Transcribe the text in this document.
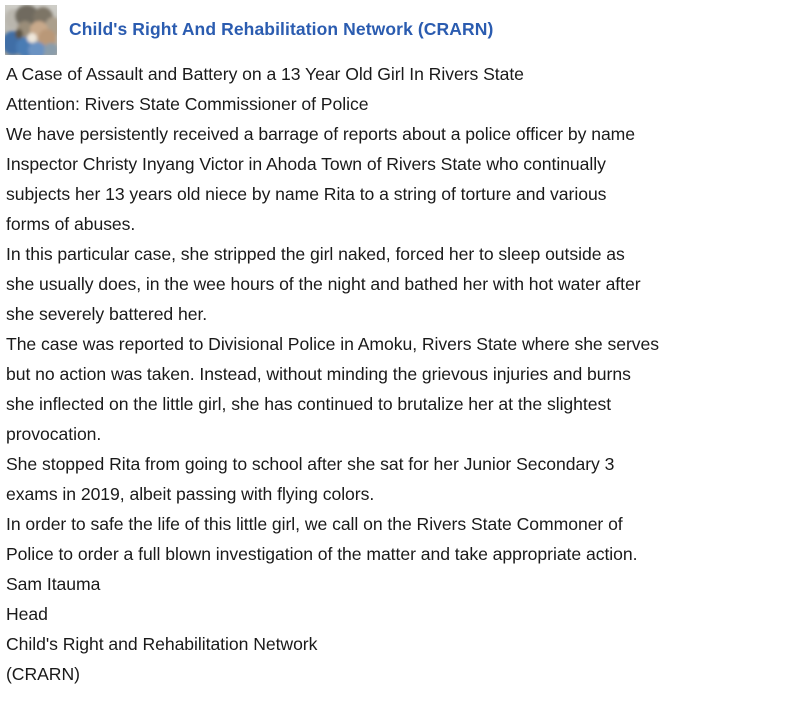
Child's Right And Rehabilitation Network (CRARN)
A Case of Assault and Battery on a 13 Year Old Girl In Rivers State
Attention: Rivers State Commissioner of Police
We have persistently received a barrage of reports about a police officer by name
Inspector Christy Inyang Victor in Ahoda Town of Rivers State who continually
subjects her 13 years old niece by name Rita to a string of torture and various
forms of abuses.
In this particular case, she stripped the girl naked, forced her to sleep outside as
she usually does, in the wee hours of the night and bathed her with hot water after
she severely battered her.
The case was reported to Divisional Police in Amoku, Rivers State where she serves
but no action was taken. Instead, without minding the grievous injuries and burns
she inflected on the little girl, she has continued to brutalize her at the slightest
provocation.
She stopped Rita from going to school after she sat for her Junior Secondary 3
exams in 2019, albeit passing with flying colors.
In order to safe the life of this little girl, we call on the Rivers State Commoner of
Police to order a full blown investigation of the matter and take appropriate action.
Sam Itauma
Head
Child's Right and Rehabilitation Network
(CRARN)
